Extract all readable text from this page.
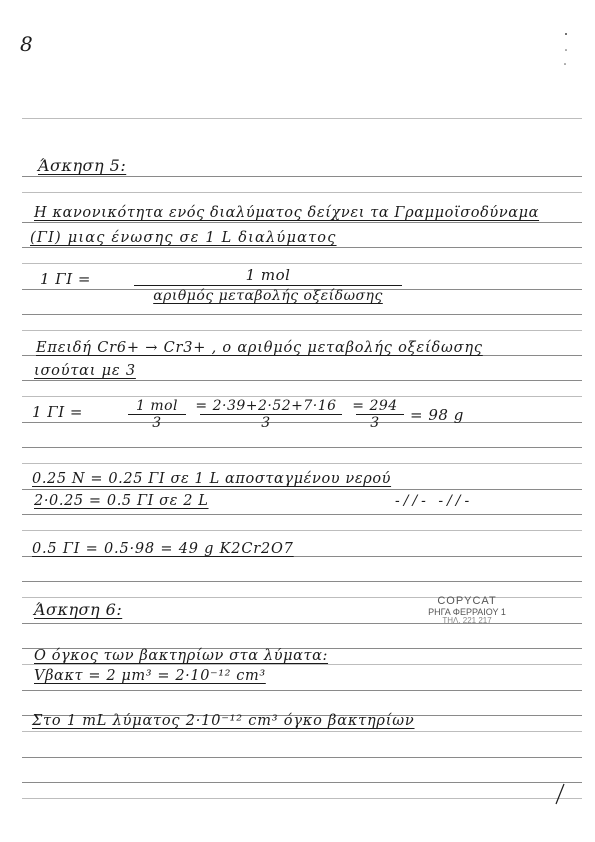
8
Άσκηση 5:
Η κανονικότητα ενός διαλύματος δείχνει τα Γραμμοϊσοδύναμα
(ΓΙ) μιας ένωσης σε 1 L διαλύματος
1 ΓΙ =	1 mol
αριθμός μεταβολής οξείδωσης
Επειδή Cr6+ → Cr3+ , ο αριθμός μεταβολής οξείδωσης
ισούται με 3
1 ΓΙ =	1 mol
3
= 2·39+2·52+7·16
3
= 294
3	= 98 g
0.25 N = 0.25 ΓΙ σε 1 L αποσταγμένου νερού
2·0.25 = 0.5 ΓΙ σε 2 L	-//- -//-
0.5 ΓΙ = 0.5·98 = 49 g K2Cr2O7
COPYCAT
ΡΗΓΑ ΦΕΡΡΑΙΟΥ 1
ΤΗΛ. 221 217
Άσκηση 6:
Ο όγκος των βακτηρίων στα λύματα:
Vβακτ = 2 μm³ = 2·10⁻¹² cm³
Στο 1 mL λύματος 2·10⁻¹² cm³ όγκο βακτηρίων
